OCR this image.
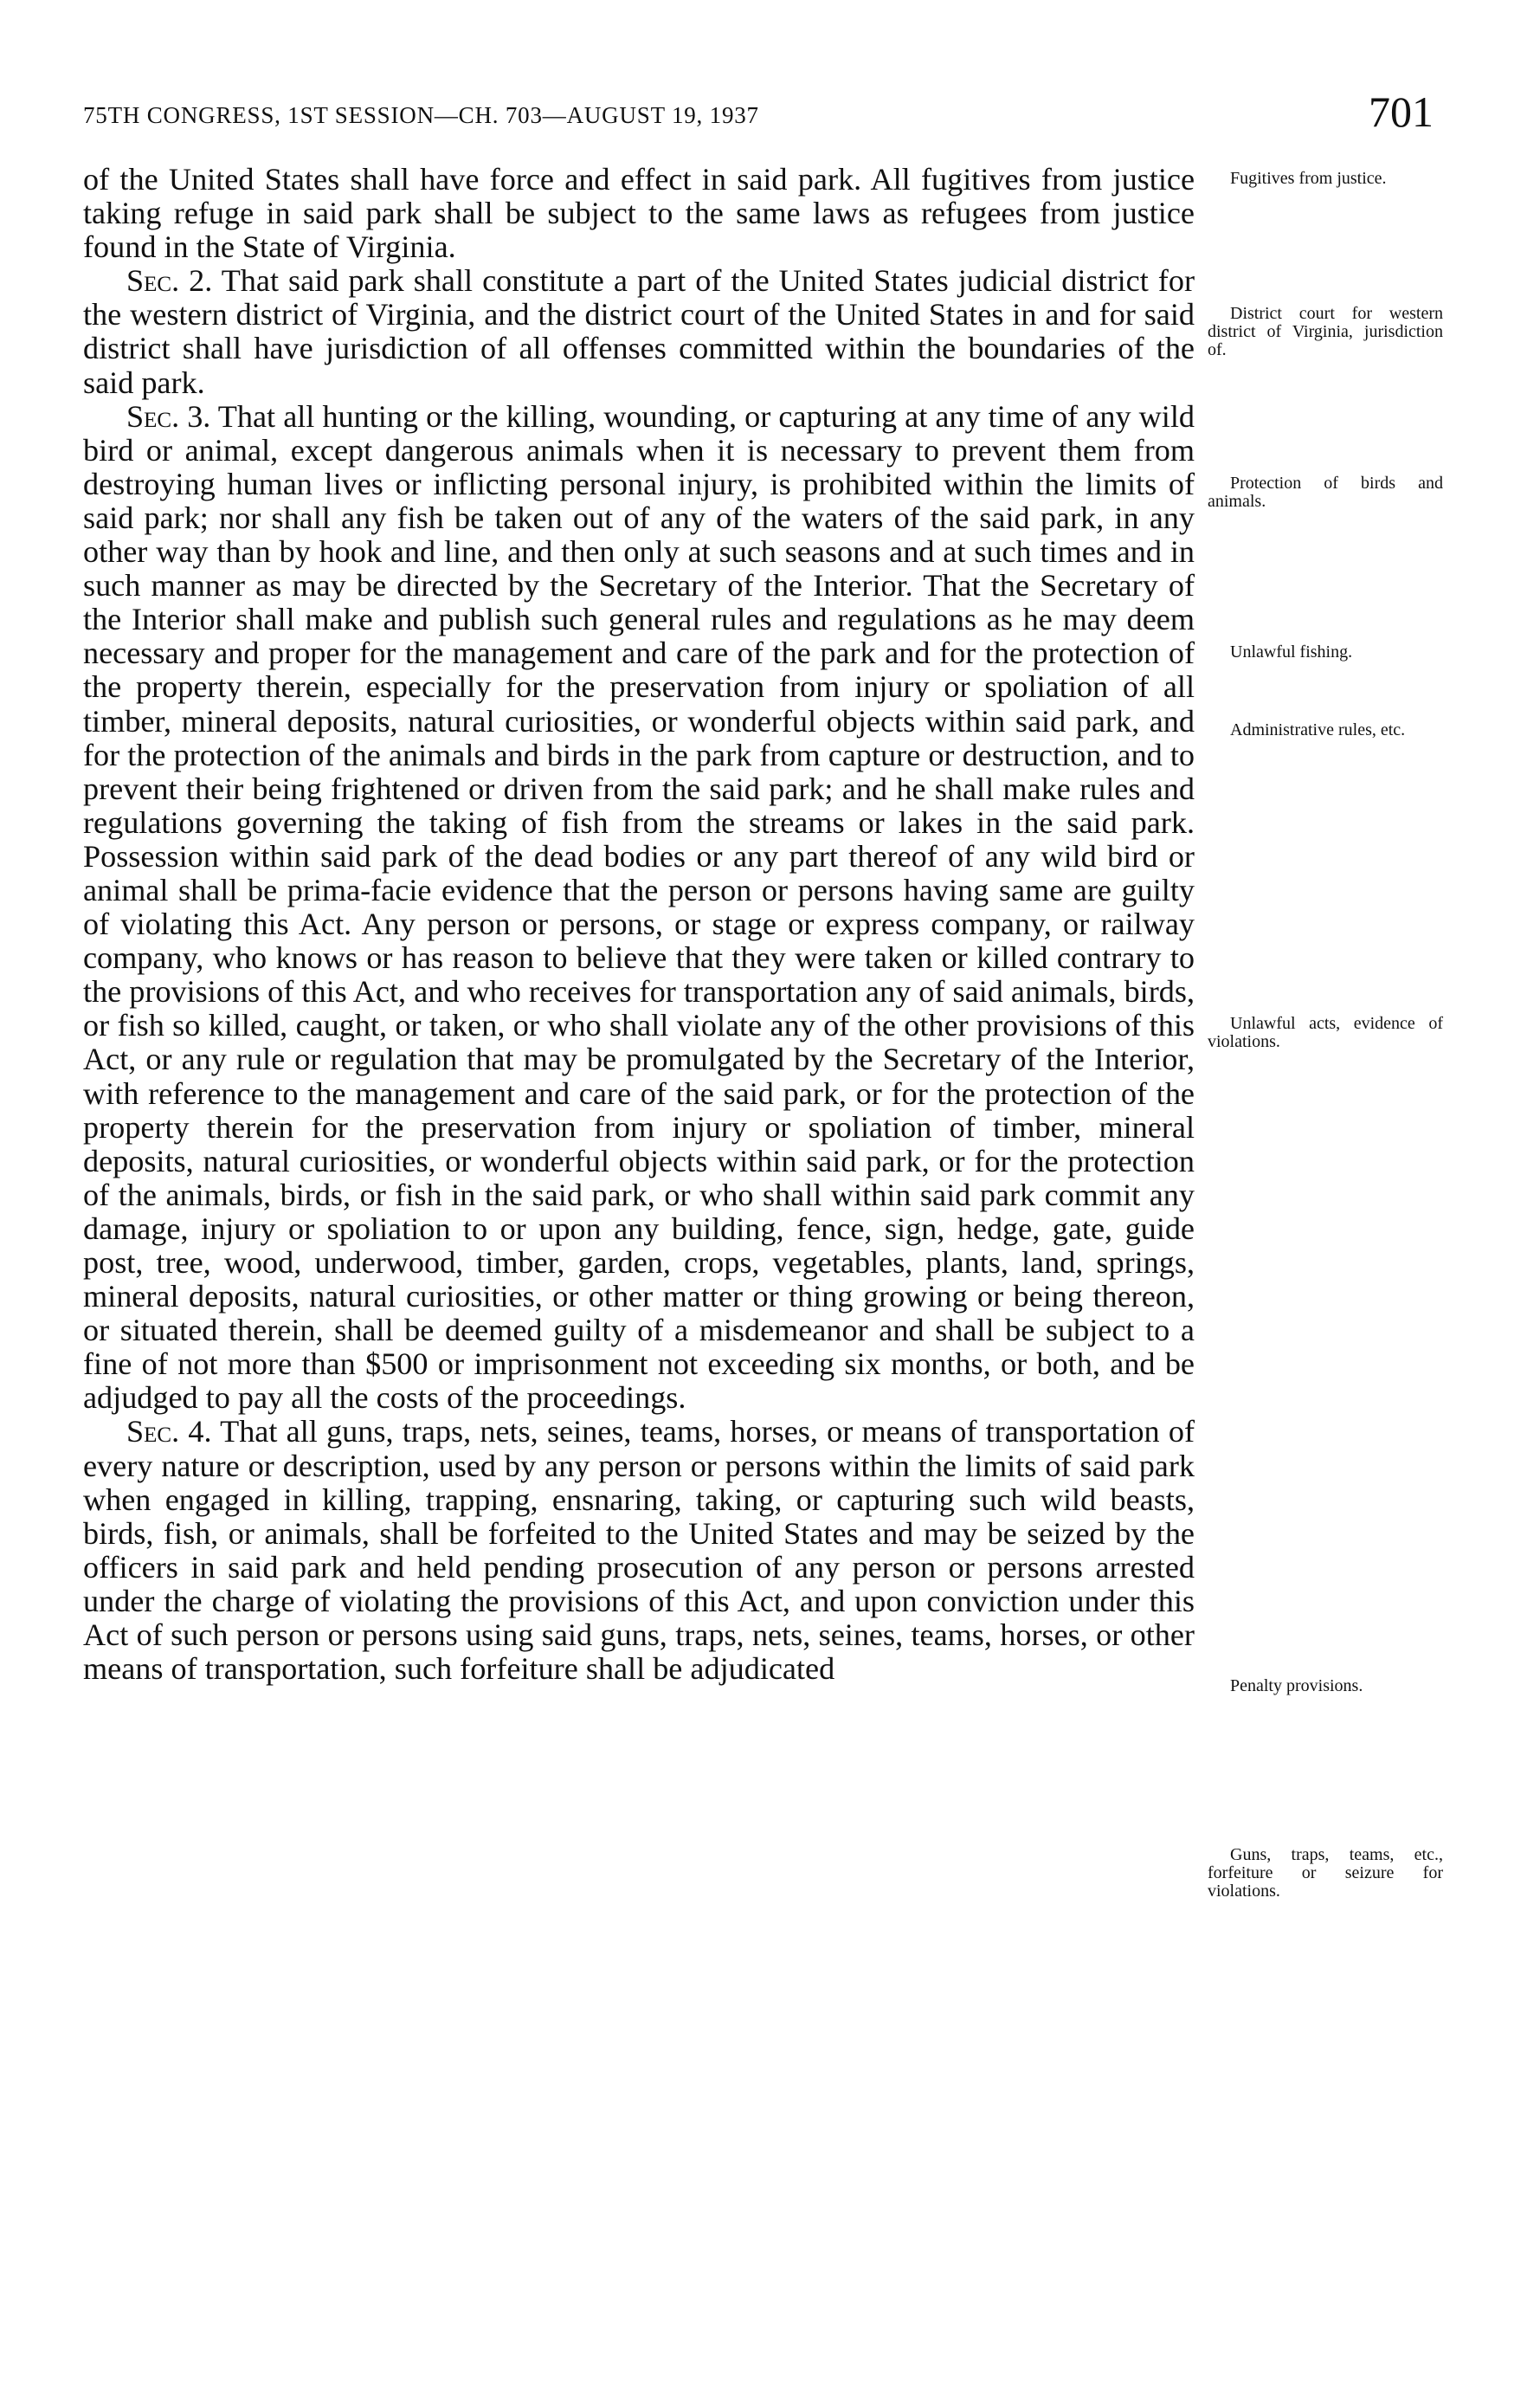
75TH CONGRESS, 1ST SESSION—CH. 703—AUGUST 19, 1937	701

of the United States shall have force and effect in said park. All fugitives from justice taking refuge in said park shall be subject to the same laws as refugees from justice found in the State of Virginia.

Sec. 2. That said park shall constitute a part of the United States judicial district for the western district of Virginia, and the district court of the United States in and for said district shall have jurisdiction of all offenses committed within the boundaries of the said park.

Sec. 3. That all hunting or the killing, wounding, or capturing at any time of any wild bird or animal, except dangerous animals when it is necessary to prevent them from destroying human lives or inflicting personal injury, is prohibited within the limits of said park; nor shall any fish be taken out of any of the waters of the said park, in any other way than by hook and line, and then only at such seasons and at such times and in such manner as may be directed by the Secretary of the Interior. That the Secretary of the Interior shall make and publish such general rules and regulations as he may deem necessary and proper for the management and care of the park and for the protection of the property therein, especially for the preservation from injury or spoliation of all timber, mineral deposits, natural curiosities, or wonderful objects within said park, and for the protection of the animals and birds in the park from capture or destruction, and to prevent their being frightened or driven from the said park; and he shall make rules and regulations governing the taking of fish from the streams or lakes in the said park. Possession within said park of the dead bodies or any part thereof of any wild bird or animal shall be prima-facie evidence that the person or persons having same are guilty of violating this Act. Any person or persons, or stage or express company, or railway company, who knows or has reason to believe that they were taken or killed contrary to the provisions of this Act, and who receives for transportation any of said animals, birds, or fish so killed, caught, or taken, or who shall violate any of the other provisions of this Act, or any rule or regulation that may be promulgated by the Secretary of the Interior, with reference to the management and care of the said park, or for the protection of the property therein for the preservation from injury or spoliation of timber, mineral deposits, natural curiosities, or wonderful objects within said park, or for the protection of the animals, birds, or fish in the said park, or who shall within said park commit any damage, injury or spoliation to or upon any building, fence, sign, hedge, gate, guide post, tree, wood, underwood, timber, garden, crops, vegetables, plants, land, springs, mineral deposits, natural curiosities, or other matter or thing growing or being thereon, or situated therein, shall be deemed guilty of a misdemeanor and shall be subject to a fine of not more than $500 or imprisonment not exceeding six months, or both, and be adjudged to pay all the costs of the proceedings.

Sec. 4. That all guns, traps, nets, seines, teams, horses, or means of transportation of every nature or description, used by any person or persons within the limits of said park when engaged in killing, trapping, ensnaring, taking, or capturing such wild beasts, birds, fish, or animals, shall be forfeited to the United States and may be seized by the officers in said park and held pending prosecution of any person or persons arrested under the charge of violating the provisions of this Act, and upon conviction under this Act of such person or persons using said guns, traps, nets, seines, teams, horses, or other means of transportation, such forfeiture shall be adjudicated

Fugitives from justice.
District court for western district of Virginia, jurisdiction of.
Protection of birds and animals.
Unlawful fishing.
Administrative rules, etc.
Unlawful acts, evidence of violations.
Penalty provisions.
Guns, traps, teams, etc., forfeiture or seizure for violations.
